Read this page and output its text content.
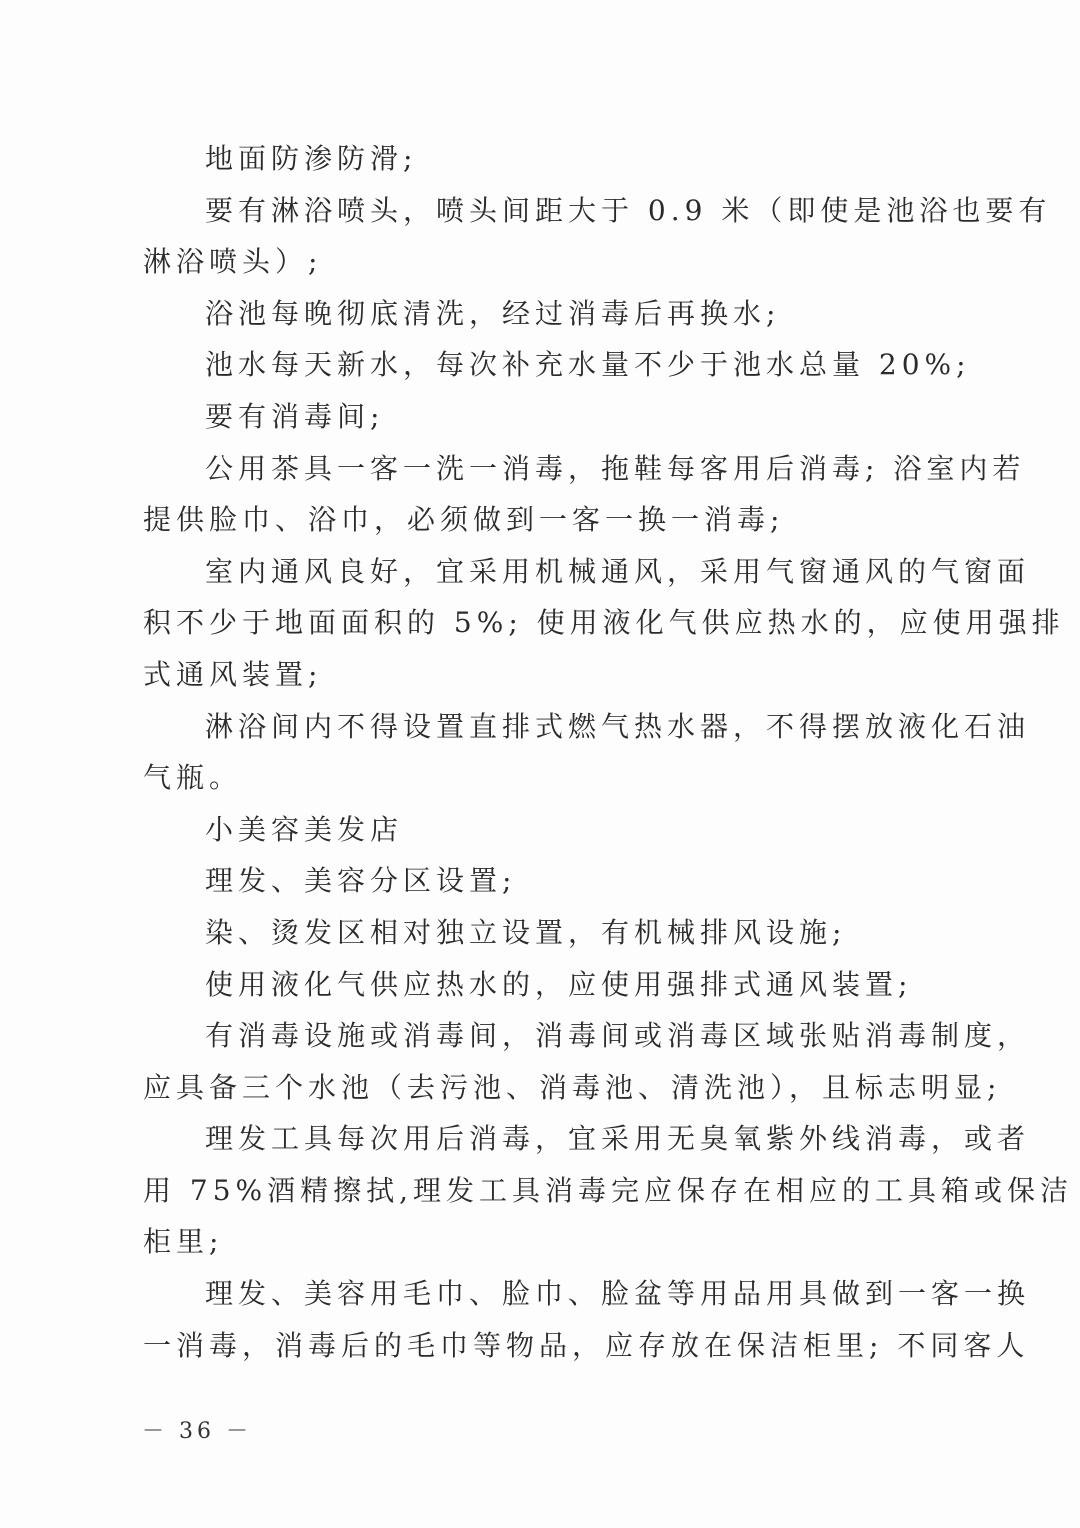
地面防渗防滑;
要有淋浴喷头，喷头间距大于 0.9 米（即使是池浴也要有
淋浴喷头）;
浴池每晚彻底清洗，经过消毒后再换水;
池水每天新水，每次补充水量不少于池水总量 20%;
要有消毒间;
公用茶具一客一洗一消毒，拖鞋每客用后消毒; 浴室内若
提供脸巾、浴巾，必须做到一客一换一消毒;
室内通风良好，宜采用机械通风，采用气窗通风的气窗面
积不少于地面面积的 5%; 使用液化气供应热水的，应使用强排
式通风装置;
淋浴间内不得设置直排式燃气热水器，不得摆放液化石油
气瓶。
小美容美发店
理发、美容分区设置;
染、烫发区相对独立设置，有机械排风设施;
使用液化气供应热水的，应使用强排式通风装置;
有消毒设施或消毒间，消毒间或消毒区域张贴消毒制度，
应具备三个水池（去污池、消毒池、清洗池），且标志明显;
理发工具每次用后消毒，宜采用无臭氧紫外线消毒，或者
用 75%酒精擦拭,理发工具消毒完应保存在相应的工具箱或保洁
柜里;
理发、美容用毛巾、脸巾、脸盆等用品用具做到一客一换
一消毒，消毒后的毛巾等物品，应存放在保洁柜里; 不同客人
－ 36 －
